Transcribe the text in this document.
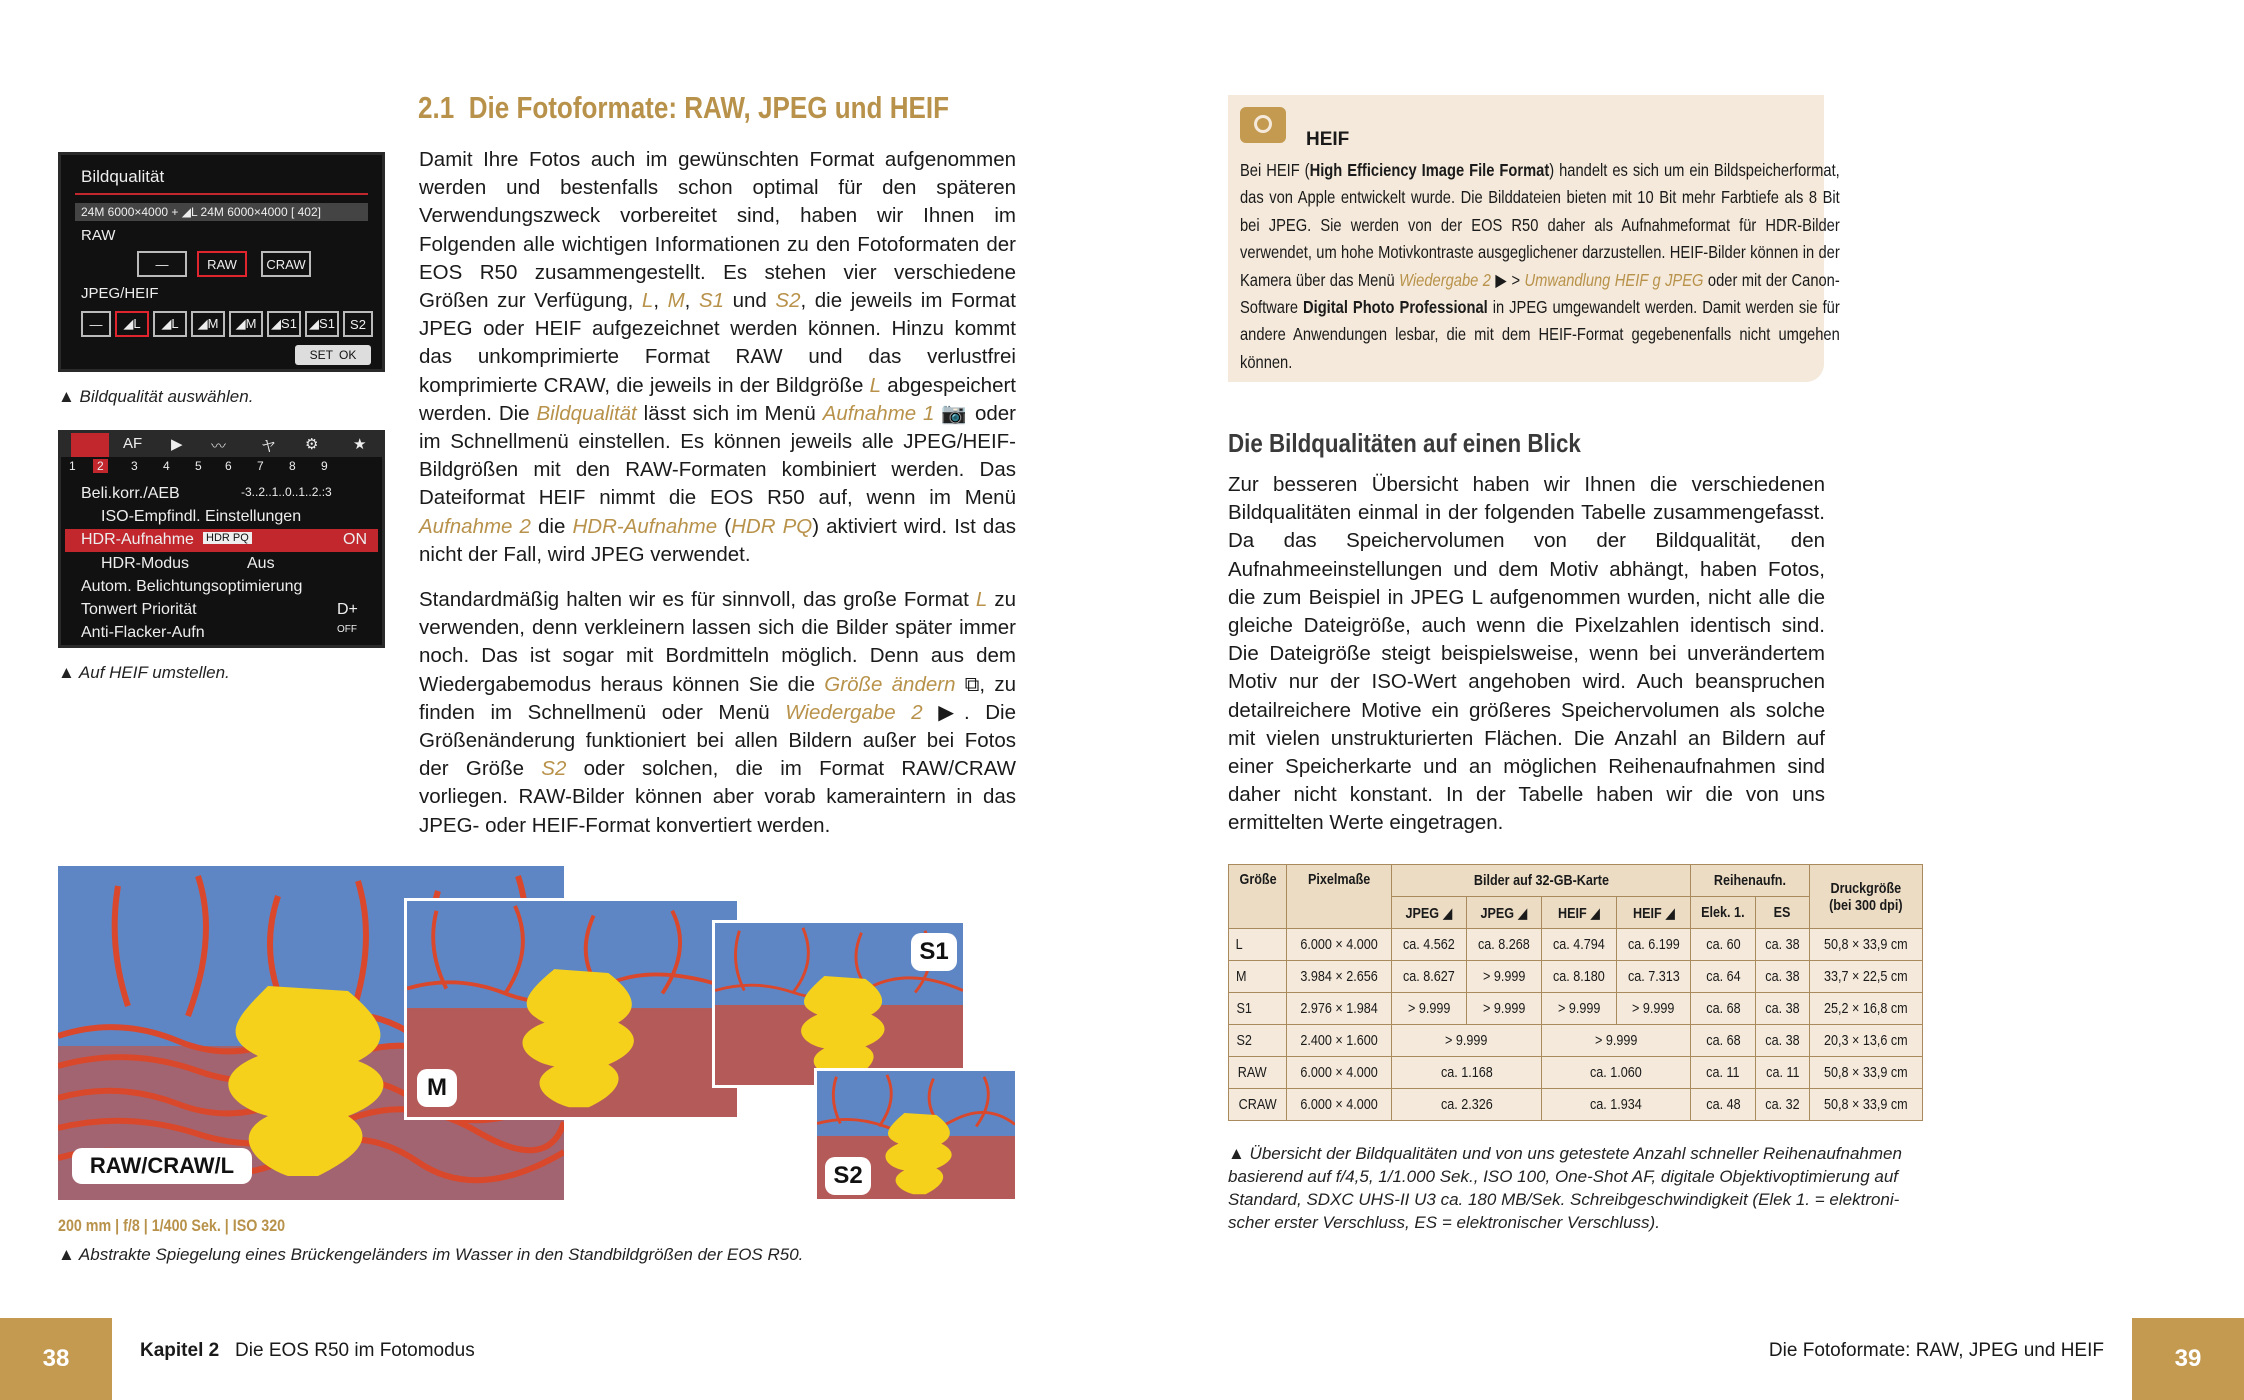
Bildqualität
24M 6000×4000 + ◢L 24M 6000×4000 [ 402]
RAW
—	RAW	CRAW
JPEG/HEIF
—	◢L	◢L	◢M	◢M	◢S1 ◢S1	S2
SET OK
▲ Bildqualität auswählen.
AF ▶ 〰 ヤ ⚙ ★
1	2	3 4 5 6 7 8 9
Beli.korr./AEB	-3..2..1..0..1..2.:3
ISO-Empfindl. Einstellungen
HDR-Aufnahme HDR PQ	ON
HDR-Modus	Aus
Autom. Belichtungsoptimierung
Tonwert Priorität	D+
Anti-Flacker-Aufn	OFF
▲ Auf HEIF umstellen.
2.1 Die Fotoformate: RAW, JPEG und HEIF

Damit Ihre Fotos auch im gewünschten Format aufgenommen werden und bestenfalls schon optimal für den späteren Verwendungszweck vorbereitet sind, haben wir Ihnen im Folgenden alle wichtigen Informationen zu den Fotoformaten der EOS R50 zusammengestellt. Es stehen vier verschiedene Größen zur Verfügung, L, M, S1 und S2, die jeweils im Format JPEG oder HEIF aufgezeichnet werden können. Hinzu kommt das unkomprimierte Format RAW und das verlustfrei komprimierte CRAW, die jeweils in der Bildgröße L abgespeichert werden. Die Bildqualität lässt sich im Menü Aufnahme 1 📷 oder im Schnellmenü einstellen. Es können jeweils alle JPEG/HEIF-Bildgrößen mit den RAW-Formaten kombiniert werden. Das Dateiformat HEIF nimmt die EOS R50 auf, wenn im Menü Aufnahme 2 die HDR-Aufnahme (HDR PQ) aktiviert wird. Ist das nicht der Fall, wird JPEG verwendet.

Standardmäßig halten wir es für sinnvoll, das große Format L zu verwenden, denn verkleinern lassen sich die Bilder später immer noch. Das ist sogar mit Bordmitteln möglich. Denn aus dem Wiedergabemodus heraus können Sie die Größe ändern ⧉, zu finden im Schnellmenü oder Menü Wiedergabe 2 ▶. Die Größenänderung funktioniert bei allen Bildern außer bei Fotos der Größe S2 oder solchen, die im Format RAW/CRAW vorliegen. RAW-Bilder können aber vorab kameraintern in das JPEG- oder HEIF-Format konvertiert werden.

RAW/CRAW/L
M
S1
S2
200 mm | f/8 | 1/400 Sek. | ISO 320
▲ Abstrakte Spiegelung eines Brückengeländers im Wasser in den Standbildgrößen der EOS R50.
38	Kapitel 2 Die EOS R50 im Fotomodus
HEIF
Bei HEIF (High Efficiency Image File Format) handelt es sich um ein Bildspeicherformat, das von Apple entwickelt wurde. Die Bilddateien bieten mit 10 Bit mehr Farbtiefe als 8 Bit bei JPEG. Sie werden von der EOS R50 daher als Aufnahmeformat für HDR-Bilder verwendet, um hohe Motivkontraste ausgeglichener darzustellen. HEIF-Bilder können in der Kamera über das Menü Wiedergabe 2 ▶ > Umwandlung HEIF g JPEG oder mit der Canon-Software Digital Photo Professional in JPEG umgewandelt werden. Damit werden sie für andere Anwendungen lesbar, die mit dem HEIF-Format gegebenenfalls nicht umgehen können.
Die Bildqualitäten auf einen Blick

Zur besseren Übersicht haben wir Ihnen die verschiedenen Bildqualitäten einmal in der folgenden Tabelle zusammengefasst. Da das Speichervolumen von der Bildqualität, den Aufnahmeeinstellungen und dem Motiv abhängt, haben Fotos, die zum Beispiel in JPEG L aufgenommen wurden, nicht alle die gleiche Dateigröße, auch wenn die Pixelzahlen identisch sind. Die Dateigröße steigt beispielsweise, wenn bei unverändertem Motiv nur der ISO-Wert angehoben wird. Auch beanspruchen detailreichere Motive ein größeres Speichervolumen als solche mit vielen unstrukturierten Flächen. Die Anzahl an Bildern auf einer Speicherkarte und an möglichen Reihenaufnahmen sind daher nicht konstant. In der Tabelle haben wir die von uns ermittelten Werte eingetragen.

Größe	Pixelmaße	Bilder auf 32-GB-Karte				Reihenaufn.		Druckgröße (bei 300 dpi)
		JPEG ◢	JPEG ◢	HEIF ◢	HEIF ◢	Elek. 1.	ES	
L	6.000 × 4.000	ca. 4.562	ca. 8.268	ca. 4.794	ca. 6.199	ca. 60	ca. 38	50,8 × 33,9 cm
M	3.984 × 2.656	ca. 8.627	> 9.999	ca. 8.180	ca. 7.313	ca. 64	ca. 38	33,7 × 22,5 cm
S1	2.976 × 1.984	> 9.999	> 9.999	> 9.999	> 9.999	ca. 68	ca. 38	25,2 × 16,8 cm
S2	2.400 × 1.600	> 9.999		> 9.999		ca. 68	ca. 38	20,3 × 13,6 cm
RAW	6.000 × 4.000	ca. 1.168		ca. 1.060		ca. 11	ca. 11	50,8 × 33,9 cm
CRAW	6.000 × 4.000	ca. 2.326		ca. 1.934		ca. 48	ca. 32	50,8 × 33,9 cm
▲ Übersicht der Bildqualitäten und von uns getestete Anzahl schneller Reihenaufnahmen
basierend auf f/4,5, 1/1.000 Sek., ISO 100, One-Shot AF, digitale Objektivoptimierung auf
Standard, SDXC UHS-II U3 ca. 180 MB/Sek. Schreibgeschwindigkeit (Elek 1. = elektroni-
scher erster Verschluss, ES = elektronischer Verschluss).
Die Fotoformate: RAW, JPEG und HEIF	39
